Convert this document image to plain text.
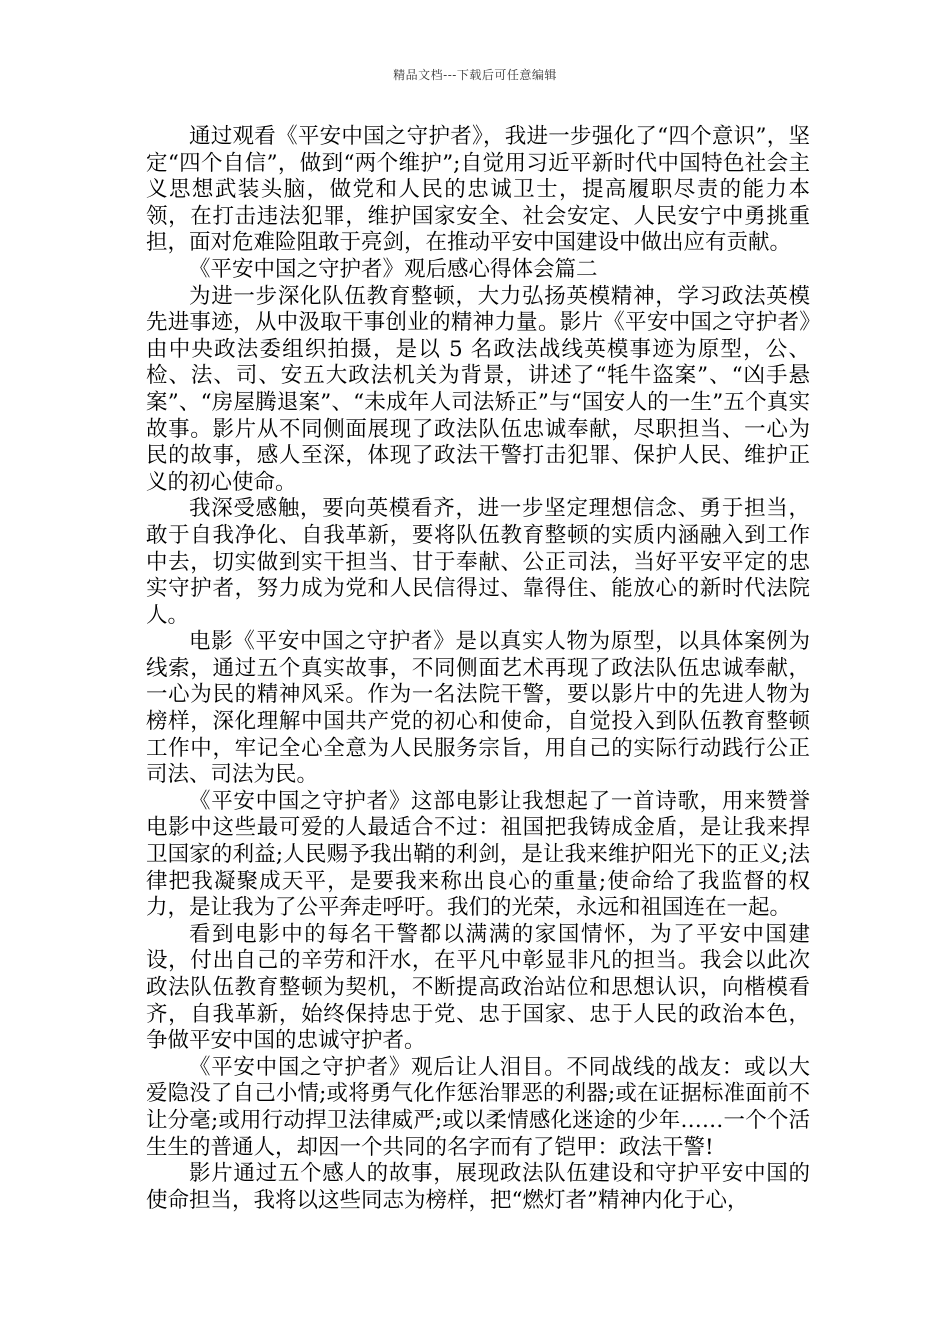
精品文档---下载后可任意编辑

通过观看《平安中国之守护者》，我进一步强化了“四个意识”，坚定“四个自信”，做到“两个维护”;自觉用习近平新时代中国特色社会主义思想武装头脑，做党和人民的忠诚卫士，提高履职尽责的能力本领，在打击违法犯罪，维护国家安全、社会安定、人民安宁中勇挑重担，面对危难险阻敢于亮剑，在推动平安中国建设中做出应有贡献。

《平安中国之守护者》观后感心得体会篇二

为进一步深化队伍教育整顿，大力弘扬英模精神，学习政法英模先进事迹，从中汲取干事创业的精神力量。影片《平安中国之守护者》由中央政法委组织拍摄，是以 5 名政法战线英模事迹为原型，公、检、法、司、安五大政法机关为背景，讲述了“牦牛盗案”、“凶手悬案”、“房屋腾退案”、“未成年人司法矫正”与“国安人的一生”五个真实故事。影片从不同侧面展现了政法队伍忠诚奉献，尽职担当、一心为民的故事，感人至深，体现了政法干警打击犯罪、保护人民、维护正义的初心使命。

我深受感触，要向英模看齐，进一步坚定理想信念、勇于担当，敢于自我净化、自我革新，要将队伍教育整顿的实质内涵融入到工作中去，切实做到实干担当、甘于奉献、公正司法，当好平安平定的忠实守护者，努力成为党和人民信得过、靠得住、能放心的新时代法院人。

电影《平安中国之守护者》是以真实人物为原型，以具体案例为线索，通过五个真实故事，不同侧面艺术再现了政法队伍忠诚奉献，一心为民的精神风采。作为一名法院干警，要以影片中的先进人物为榜样，深化理解中国共产党的初心和使命，自觉投入到队伍教育整顿工作中，牢记全心全意为人民服务宗旨，用自己的实际行动践行公正司法、司法为民。

《平安中国之守护者》这部电影让我想起了一首诗歌，用来赞誉电影中这些最可爱的人最适合不过：祖国把我铸成金盾，是让我来捍卫国家的利益;人民赐予我出鞘的利剑，是让我来维护阳光下的正义;法律把我凝聚成天平，是要我来称出良心的重量;使命给了我监督的权力，是让我为了公平奔走呼吁。我们的光荣，永远和祖国连在一起。

看到电影中的每名干警都以满满的家国情怀，为了平安中国建设，付出自己的辛劳和汗水，在平凡中彰显非凡的担当。我会以此次政法队伍教育整顿为契机，不断提高政治站位和思想认识，向楷模看齐，自我革新，始终保持忠于党、忠于国家、忠于人民的政治本色，争做平安中国的忠诚守护者。

《平安中国之守护者》观后让人泪目。不同战线的战友：或以大爱隐没了自己小情;或将勇气化作惩治罪恶的利器;或在证据标准面前不让分毫;或用行动捍卫法律威严;或以柔情感化迷途的少年……一个个活生生的普通人，却因一个共同的名字而有了铠甲：政法干警!

影片通过五个感人的故事，展现政法队伍建设和守护平安中国的使命担当，我将以这些同志为榜样，把“燃灯者”精神内化于心，
